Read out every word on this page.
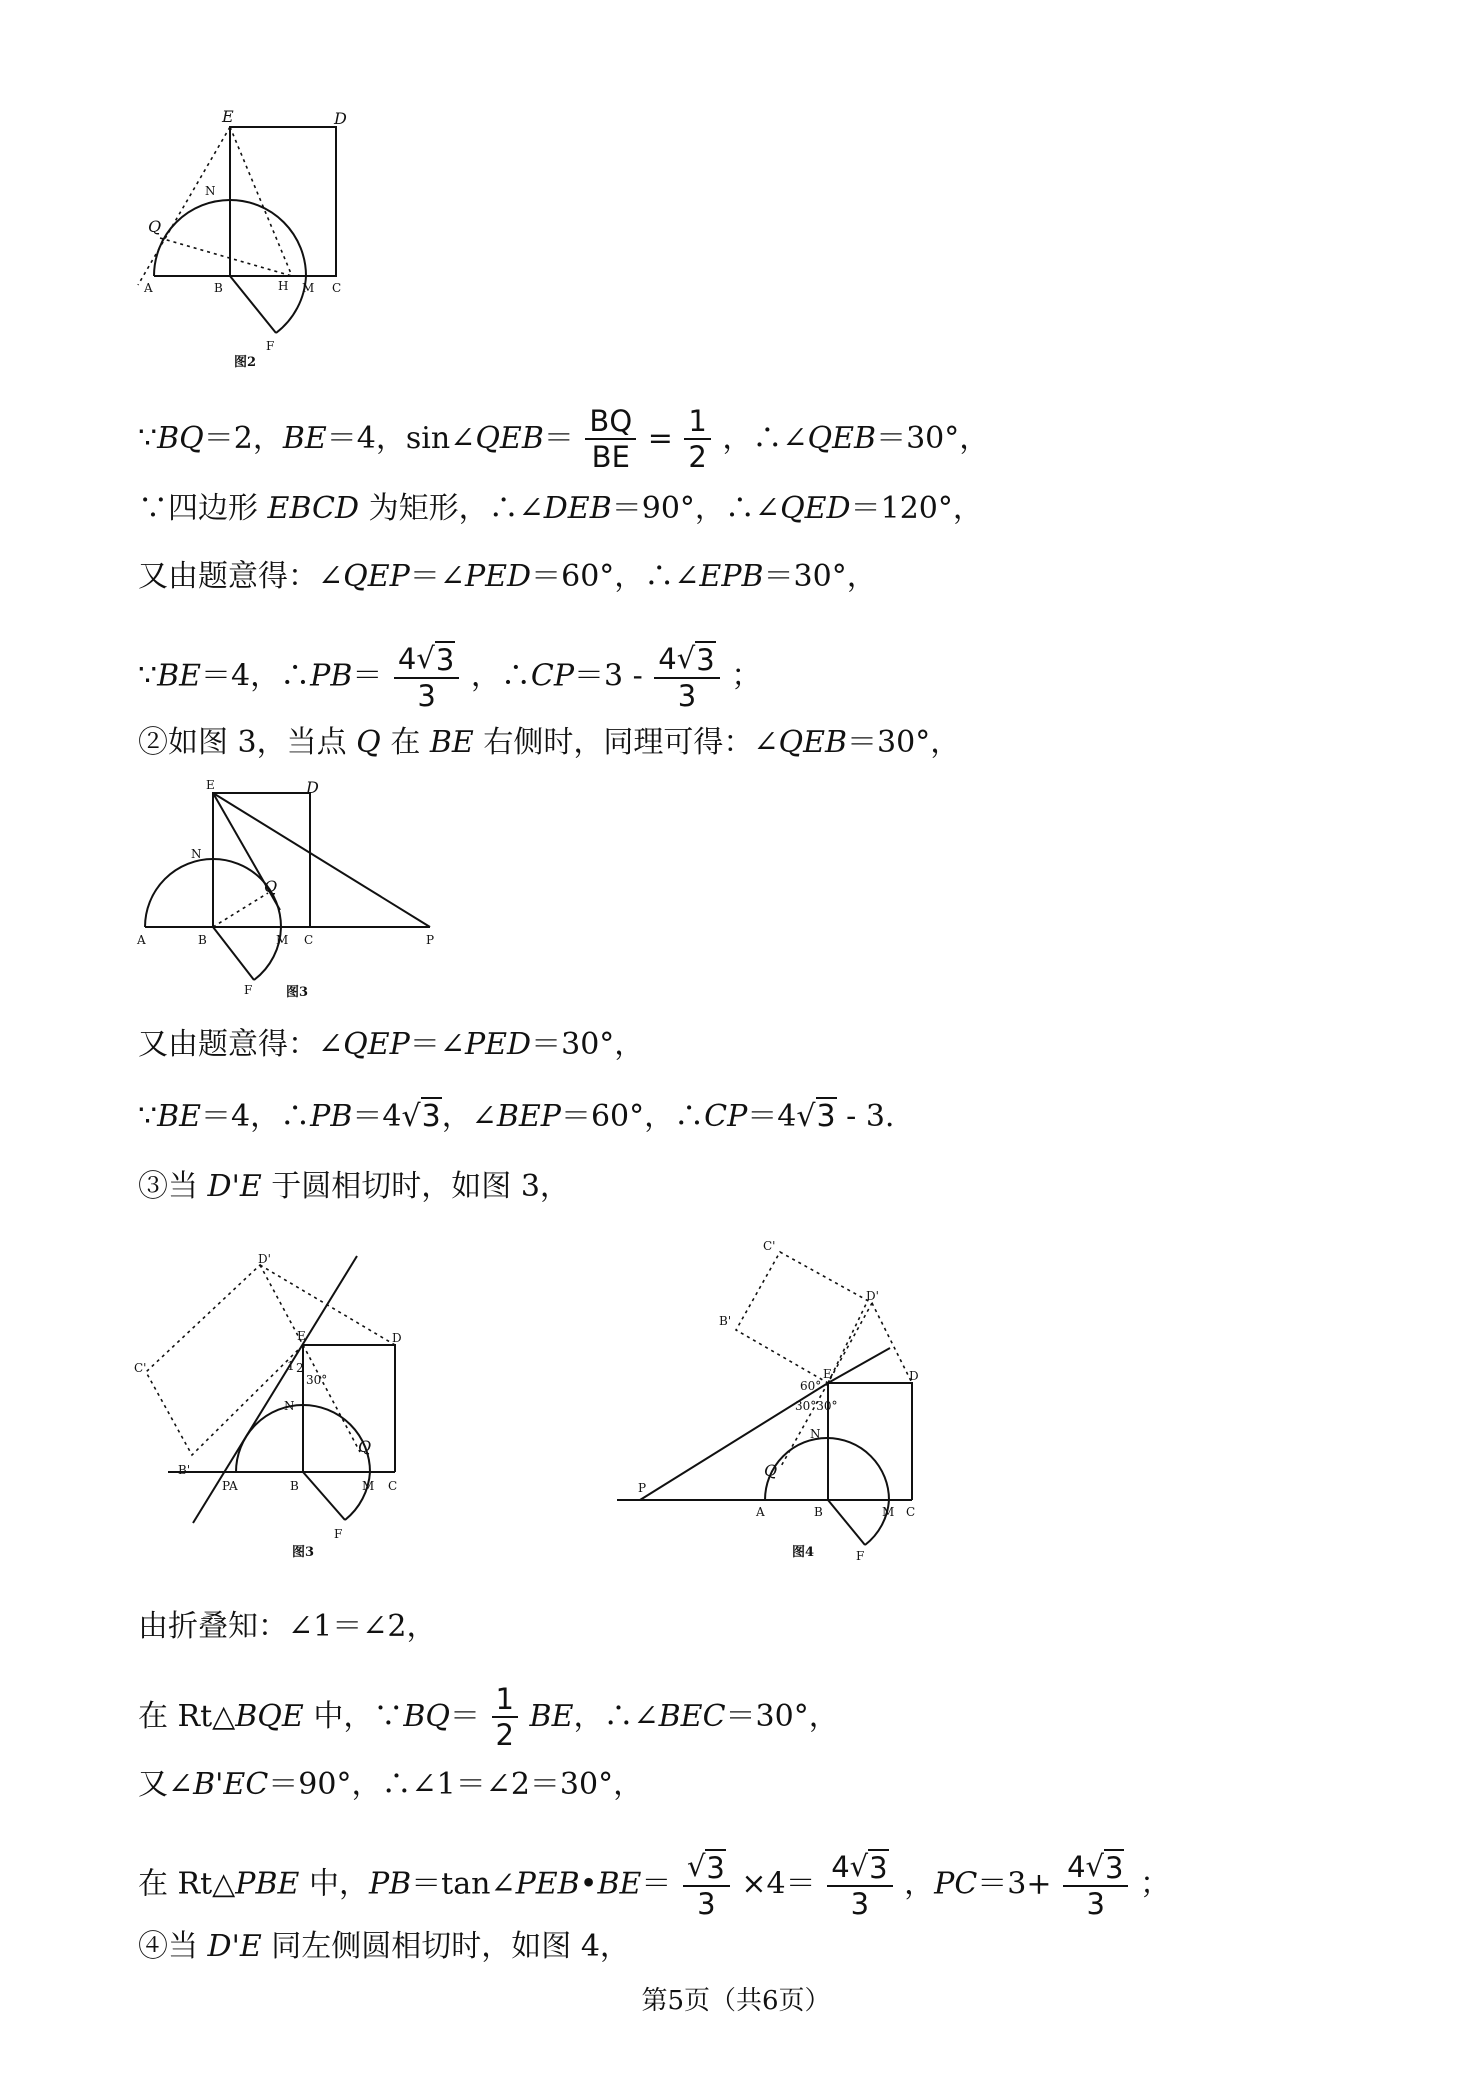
E	D
N
Q
A	B	H M C
F
图2
∵BQ＝2，BE＝4，sin∠QEB＝ $\frac{BQ}{BE} = \frac{1}{2}$ ，∴∠QEB＝30°，
∵四边形 EBCD 为矩形，∴∠DEB＝90°，∴∠QED＝120°，
又由题意得：∠QEP＝∠PED＝60°，∴∠EPB＝30°，
∵BE＝4，∴PB＝ $\frac{4√3}{3}$ ，∴CP＝3 - $\frac{4√3}{3}$ ；
②如图 3，当点 Q 在 BE 右侧时，同理可得：∠QEB＝30°，
E	D
N
Q
A	B	M C	P
F	图3
又由题意得：∠QEP＝∠PED＝30°，
∵BE＝4，∴PB＝4√3，∠BEP＝60°，∴CP＝4√3 - 3.
③当 D'E 于圆相切时，如图 3，
D'
C'
B'
E	D
1 2
30°
N
Q
PA	B	M C
F
图3
C'
D'
B'
E	D
60°
30°30°
N
Q
P
A	B	M C
F
图4
由折叠知：∠1＝∠2，
在 Rt△BQE 中，∵BQ＝ $\frac{1}{2}$ BE，∴∠BEC＝30°，
又∠B'EC＝90°，∴∠1＝∠2＝30°，
在 Rt△PBE 中，PB＝tan∠PEB•BE＝ $\frac{√3}{3} \times 4= \frac{4√3}{3}$ ，$PC=3+ \frac{4√3}{3}$ ；
④当 D'E 同左侧圆相切时，如图 4，
第5页（共6页）
